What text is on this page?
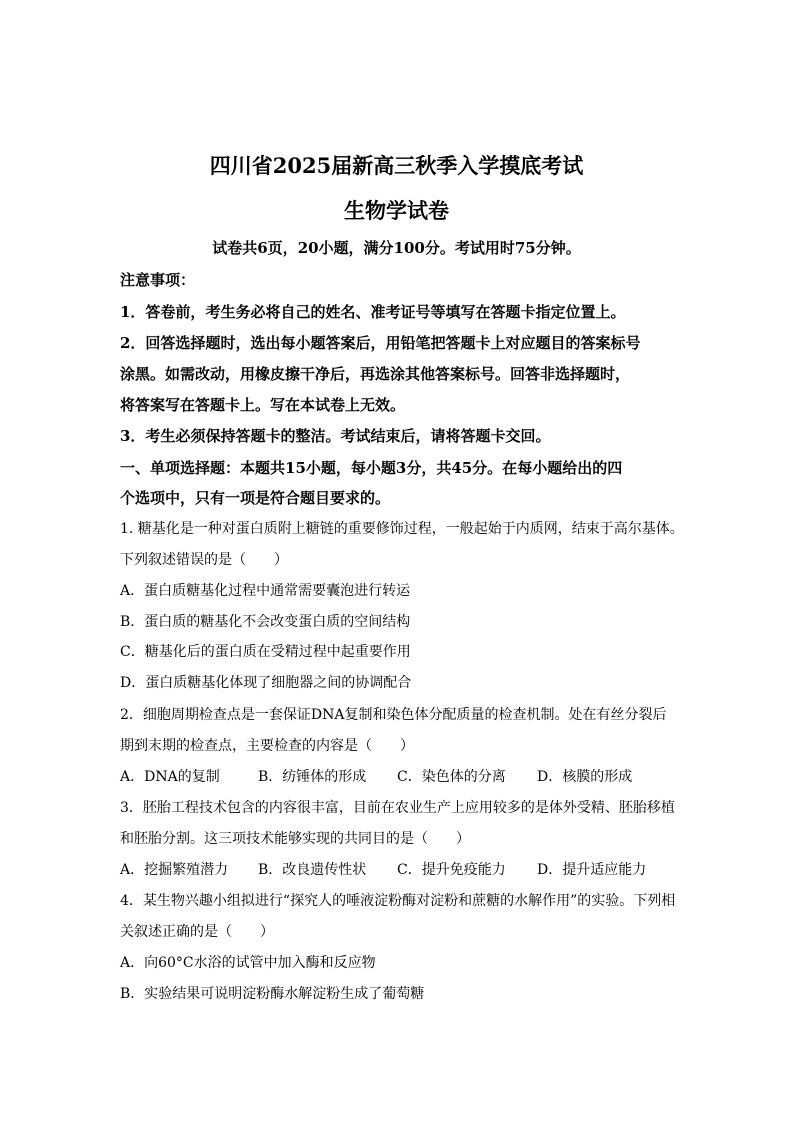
四川省2025届新高三秋季入学摸底考试
生物学试卷
试卷共6页，20小题，满分100分。考试用时75分钟。
注意事项：
1．答卷前，考生务必将自己的姓名、准考证号等填写在答题卡指定位置上。
2．回答选择题时，选出每小题答案后，用铅笔把答题卡上对应题目的答案标号
涂黑。如需改动，用橡皮擦干净后，再选涂其他答案标号。回答非选择题时，
将答案写在答题卡上。写在本试卷上无效。
3．考生必须保持答题卡的整洁。考试结束后，请将答题卡交回。
一、单项选择题：本题共15小题，每小题3分，共45分。在每小题给出的四
个选项中，只有一项是符合题目要求的。
1. 糖基化是一种对蛋白质附上糖链的重要修饰过程，一般起始于内质网，结束于高尔基体。
下列叙述错误的是（　　）
A．蛋白质糖基化过程中通常需要囊泡进行转运
B．蛋白质的糖基化不会改变蛋白质的空间结构
C．糖基化后的蛋白质在受精过程中起重要作用
D．蛋白质糖基化体现了细胞器之间的协调配合
2．细胞周期检查点是一套保证DNA复制和染色体分配质量的检查机制。处在有丝分裂后
期到末期的检查点，主要检查的内容是（　　）
A．DNA的复制	B．纺锤体的形成 C．染色体的分离 D．核膜的形成
3．胚胎工程技术包含的内容很丰富，目前在农业生产上应用较多的是体外受精、胚胎移植
和胚胎分割。这三项技术能够实现的共同目的是（　　）
A．挖掘繁殖潜力 B．改良遗传性状 C．提升免疫能力 D．提升适应能力
4．某生物兴趣小组拟进行“探究人的唾液淀粉酶对淀粉和蔗糖的水解作用”的实验。下列相
关叙述正确的是（　　）
A．向60°C水浴的试管中加入酶和反应物
B．实验结果可说明淀粉酶水解淀粉生成了葡萄糖
